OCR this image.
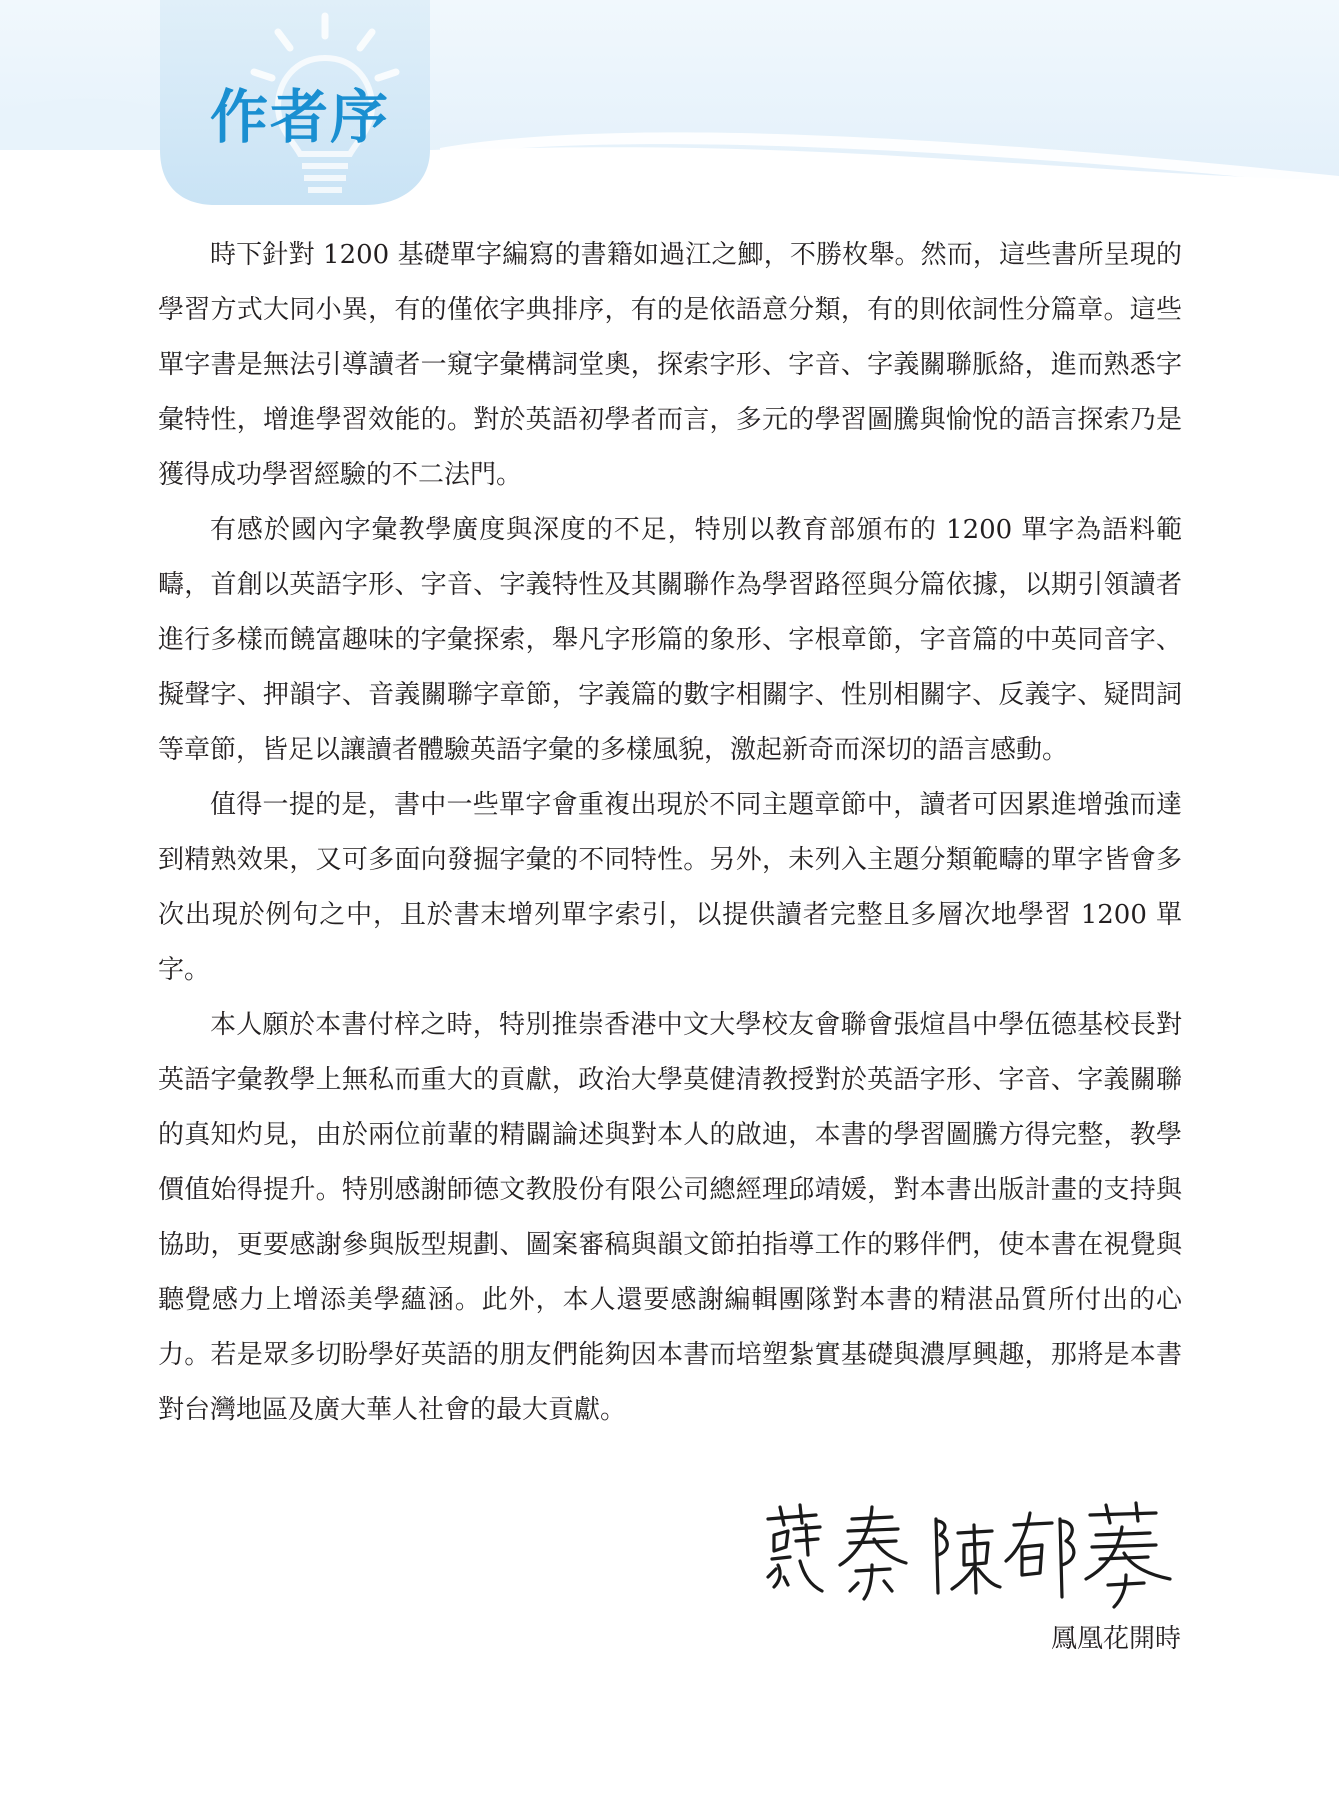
作者序

時下針對 1200 基礎單字編寫的書籍如過江之鯽，不勝枚舉。然而，這些書所呈現的學習方式大同小異，有的僅依字典排序，有的是依語意分類，有的則依詞性分篇章。這些單字書是無法引導讀者一窺字彙構詞堂奧，探索字形、字音、字義關聯脈絡，進而熟悉字彙特性，增進學習效能的。對於英語初學者而言，多元的學習圖騰與愉悅的語言探索乃是獲得成功學習經驗的不二法門。

有感於國內字彙教學廣度與深度的不足，特別以教育部頒布的 1200 單字為語料範疇，首創以英語字形、字音、字義特性及其關聯作為學習路徑與分篇依據，以期引領讀者進行多樣而饒富趣味的字彙探索，舉凡字形篇的象形、字根章節，字音篇的中英同音字、擬聲字、押韻字、音義關聯字章節，字義篇的數字相關字、性別相關字、反義字、疑問詞等章節，皆足以讓讀者體驗英語字彙的多樣風貌，激起新奇而深切的語言感動。

值得一提的是，書中一些單字會重複出現於不同主題章節中，讀者可因累進增強而達到精熟效果，又可多面向發掘字彙的不同特性。另外，未列入主題分類範疇的單字皆會多次出現於例句之中，且於書末增列單字索引，以提供讀者完整且多層次地學習 1200 單字。

本人願於本書付梓之時，特別推崇香港中文大學校友會聯會張煊昌中學伍德基校長對英語字彙教學上無私而重大的貢獻，政治大學莫健清教授對於英語字形、字音、字義關聯的真知灼見，由於兩位前輩的精闢論述與對本人的啟迪，本書的學習圖騰方得完整，教學價值始得提升。特別感謝師德文教股份有限公司總經理邱靖媛，對本書出版計畫的支持與協助，更要感謝參與版型規劃、圖案審稿與韻文節拍指導工作的夥伴們，使本書在視覺與聽覺感力上增添美學蘊涵。此外，本人還要感謝編輯團隊對本書的精湛品質所付出的心力。若是眾多切盼學好英語的朋友們能夠因本書而培塑紮實基礎與濃厚興趣，那將是本書對台灣地區及廣大華人社會的最大貢獻。

鳳凰花開時
